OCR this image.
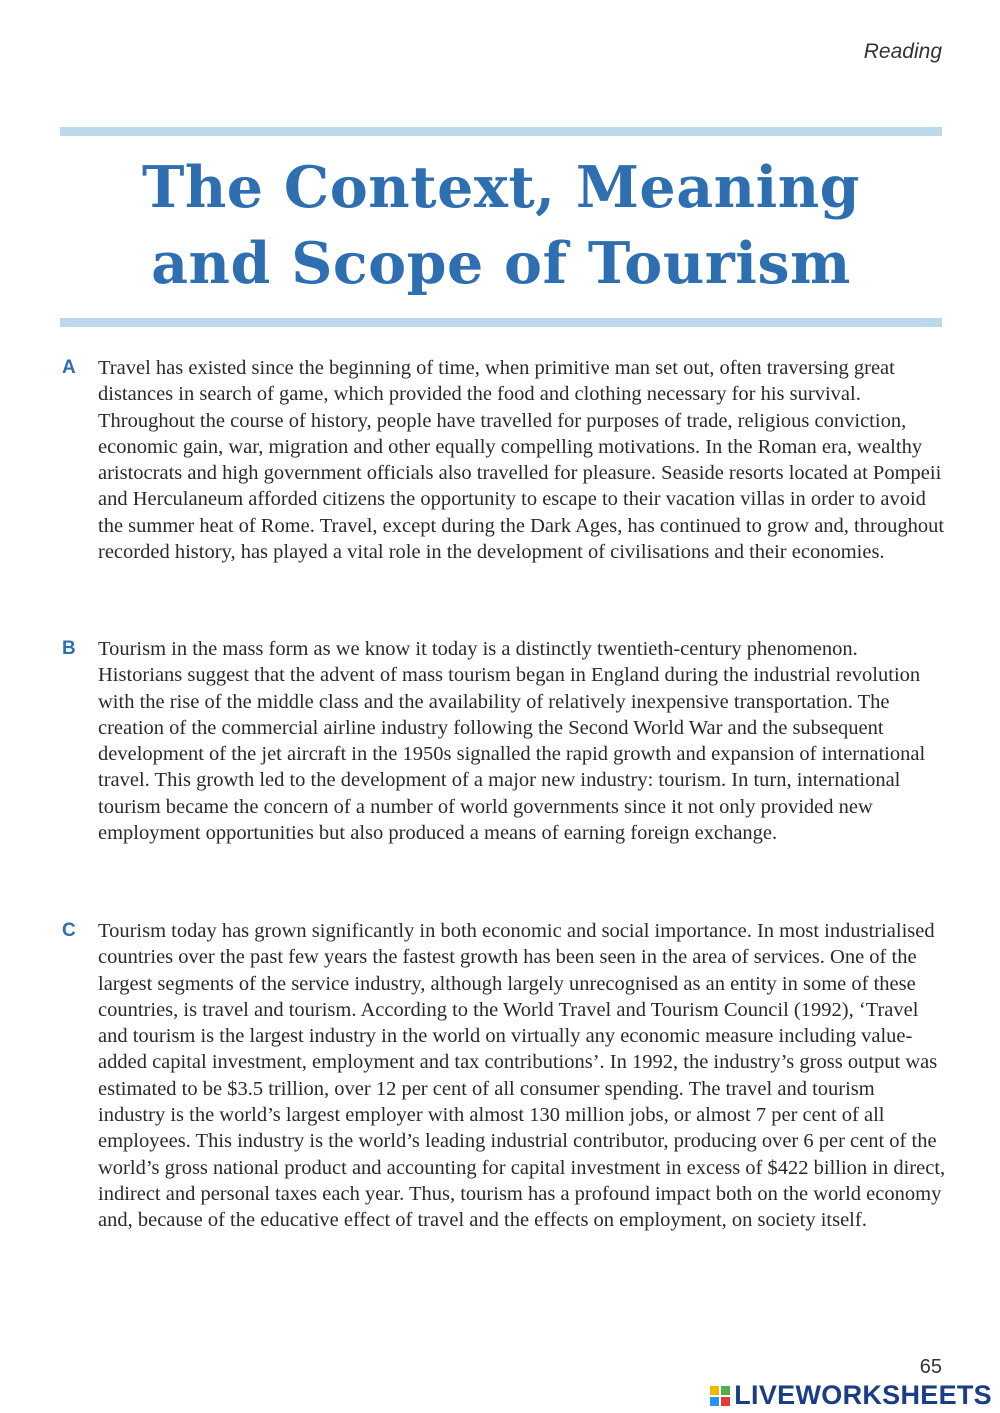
Reading
The Context, Meaning
and Scope of Tourism
A	Travel has existed since the beginning of time, when primitive man set out, often traversing great distances in search of game, which provided the food and clothing necessary for his survival. Throughout the course of history, people have travelled for purposes of trade, religious conviction, economic gain, war, migration and other equally compelling motivations. In the Roman era, wealthy aristocrats and high government officials also travelled for pleasure. Seaside resorts located at Pompeii and Herculaneum afforded citizens the opportunity to escape to their vacation villas in order to avoid the summer heat of Rome. Travel, except during the Dark Ages, has continued to grow and, throughout recorded history, has played a vital role in the development of civilisations and their economies.
B	Tourism in the mass form as we know it today is a distinctly twentieth-century phenomenon. Historians suggest that the advent of mass tourism began in England during the industrial revolution with the rise of the middle class and the availability of relatively inexpensive transportation. The creation of the commercial airline industry following the Second World War and the subsequent development of the jet aircraft in the 1950s signalled the rapid growth and expansion of international travel. This growth led to the development of a major new industry: tourism. In turn, international tourism became the concern of a number of world governments since it not only provided new employment opportunities but also produced a means of earning foreign exchange.
C	Tourism today has grown significantly in both economic and social importance. In most industrialised countries over the past few years the fastest growth has been seen in the area of services. One of the largest segments of the service industry, although largely unrecognised as an entity in some of these countries, is travel and tourism. According to the World Travel and Tourism Council (1992), ‘Travel and tourism is the largest industry in the world on virtually any economic measure including value-added capital investment, employment and tax contributions’. In 1992, the industry’s gross output was estimated to be $3.5 trillion, over 12 per cent of all consumer spending. The travel and tourism industry is the world’s largest employer with almost 130 million jobs, or almost 7 per cent of all employees. This industry is the world’s leading industrial contributor, producing over 6 per cent of the world’s gross national product and accounting for capital investment in excess of $422 billion in direct, indirect and personal taxes each year. Thus, tourism has a profound impact both on the world economy and, because of the educative effect of travel and the effects on employment, on society itself.
65
LIVEWORKSHEETS
